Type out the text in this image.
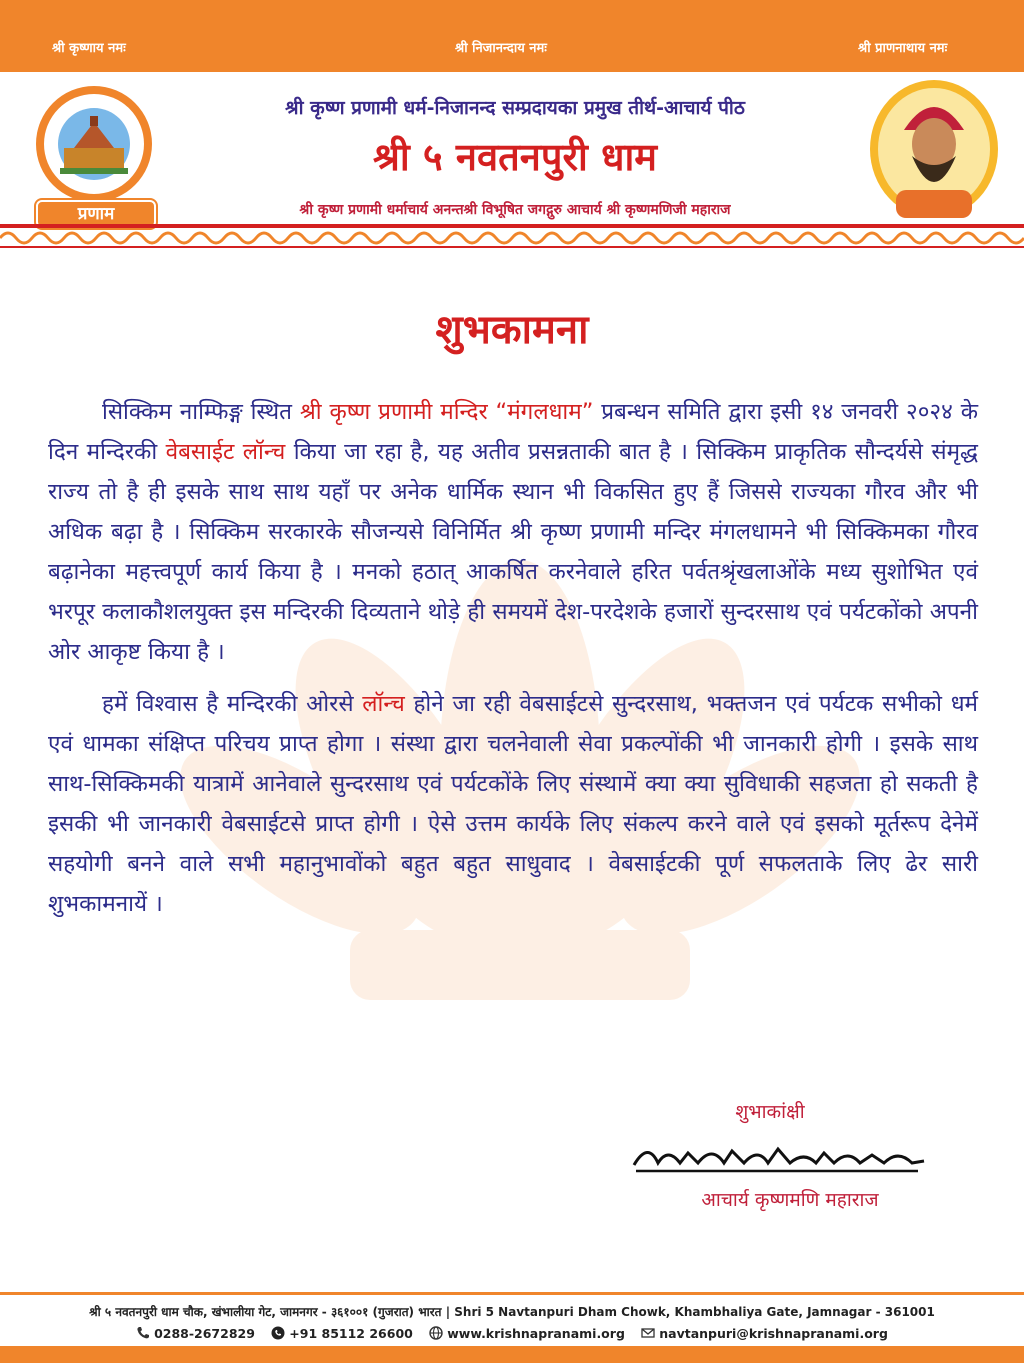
श्री कृष्णाय नमः	श्री निजानन्दाय नमः	श्री प्राणनाथाय नमः
प्रणाम
श्री कृष्ण प्रणामी धर्म-निजानन्द सम्प्रदायका प्रमुख तीर्थ-आचार्य पीठ
श्री ५ नवतनपुरी धाम
श्री कृष्ण प्रणामी धर्माचार्य अनन्तश्री विभूषित जगद्गुरु आचार्य श्री कृष्णमणिजी महाराज
शुभकामना

सिक्किम नाम्फिङ्ग स्थित श्री कृष्ण प्रणामी मन्दिर “मंगलधाम” प्रबन्धन समिति द्वारा इसी १४ जनवरी २०२४ के दिन मन्दिरकी वेबसाईट लॉन्च किया जा रहा है, यह अतीव प्रसन्नताकी बात है । सिक्किम प्राकृतिक सौन्दर्यसे संमृद्ध राज्य तो है ही इसके साथ साथ यहाँ पर अनेक धार्मिक स्थान भी विकसित हुए हैं जिससे राज्यका गौरव और भी अधिक बढ़ा है । सिक्किम सरकारके सौजन्यसे विनिर्मित श्री कृष्ण प्रणामी मन्दिर मंगलधामने भी सिक्किमका गौरव बढ़ानेका महत्त्वपूर्ण कार्य किया है । मनको हठात् आकर्षित करनेवाले हरित पर्वतश्रृंखलाओंके मध्य सुशोभित एवं भरपूर कलाकौशलयुक्त इस मन्दिरकी दिव्यताने थोड़े ही समयमें देश-परदेशके हजारों सुन्दरसाथ एवं पर्यटकोंको अपनी ओर आकृष्ट किया है ।

हमें विश्वास है मन्दिरकी ओरसे लॉन्च होने जा रही वेबसाईटसे सुन्दरसाथ, भक्तजन एवं पर्यटक सभीको धर्म एवं धामका संक्षिप्त परिचय प्राप्त होगा । संस्था द्वारा चलनेवाली सेवा प्रकल्पोंकी भी जानकारी होगी । इसके साथ साथ-सिक्किमकी यात्रामें आनेवाले सुन्दरसाथ एवं पर्यटकोंके लिए संस्थामें क्या क्या सुविधाकी सहजता हो सकती है इसकी भी जानकारी वेबसाईटसे प्राप्त होगी । ऐसे उत्तम कार्यके लिए संकल्प करने वाले एवं इसको मूर्तरूप देनेमें सहयोगी बनने वाले सभी महानुभावोंको बहुत बहुत साधुवाद । वेबसाईटकी पूर्ण सफलताके लिए ढेर सारी शुभकामनायें ।

शुभाकांक्षी
आचार्य कृष्णमणि महाराज
श्री ५ नवतनपुरी धाम चौक, खंभालीया गेट, जामनगर - ३६१००१ (गुजरात) भारत | Shri 5 Navtanpuri Dham Chowk, Khambhaliya Gate, Jamnagar - 361001
0288-2672829	+91 85112 26600	www.krishnapranami.org	navtanpuri@krishnapranami.org
